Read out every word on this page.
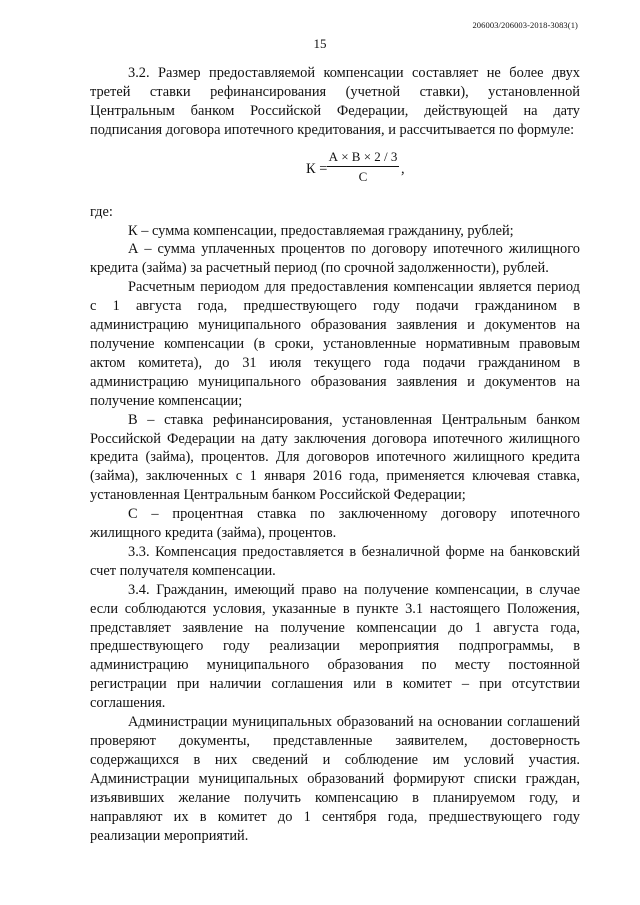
206003/206003-2018-3083(1)
15

3.2. Размер предоставляемой компенсации составляет не более двух третей ставки рефинансирования (учетной ставки), установленной Центральным банком Российской Федерации, действующей на дату подписания договора ипотечного кредитования, и рассчитывается по формуле:

К =
А × В × 2 / 3
С	,

где:

К – сумма компенсации, предоставляемая гражданину, рублей;

А – сумма уплаченных процентов по договору ипотечного жилищного кредита (займа) за расчетный период (по срочной задолженности), рублей.

Расчетным периодом для предоставления компенсации является период с 1 августа года, предшествующего году подачи гражданином в администрацию муниципального образования заявления и документов на получение компенсации (в сроки, установленные нормативным правовым актом комитета), до 31 июля текущего года подачи гражданином в администрацию муниципального образования заявления и документов на получение компенсации;

В – ставка рефинансирования, установленная Центральным банком Российской Федерации на дату заключения договора ипотечного жилищного кредита (займа), процентов. Для договоров ипотечного жилищного кредита (займа), заключенных с 1 января 2016 года, применяется ключевая ставка, установленная Центральным банком Российской Федерации;

С – процентная ставка по заключенному договору ипотечного жилищного кредита (займа), процентов.

3.3. Компенсация предоставляется в безналичной форме на банковский счет получателя компенсации.

3.4. Гражданин, имеющий право на получение компенсации, в случае если соблюдаются условия, указанные в пункте 3.1 настоящего Положения, представляет заявление на получение компенсации до 1 августа года, предшествующего году реализации мероприятия подпрограммы, в администрацию муниципального образования по месту постоянной регистрации при наличии соглашения или в комитет – при отсутствии соглашения.

Администрации муниципальных образований на основании соглашений проверяют документы, представленные заявителем, достоверность содержащихся в них сведений и соблюдение им условий участия. Администрации муниципальных образований формируют списки граждан, изъявивших желание получить компенсацию в планируемом году, и направляют их в комитет до 1 сентября года, предшествующего году реализации мероприятий.
